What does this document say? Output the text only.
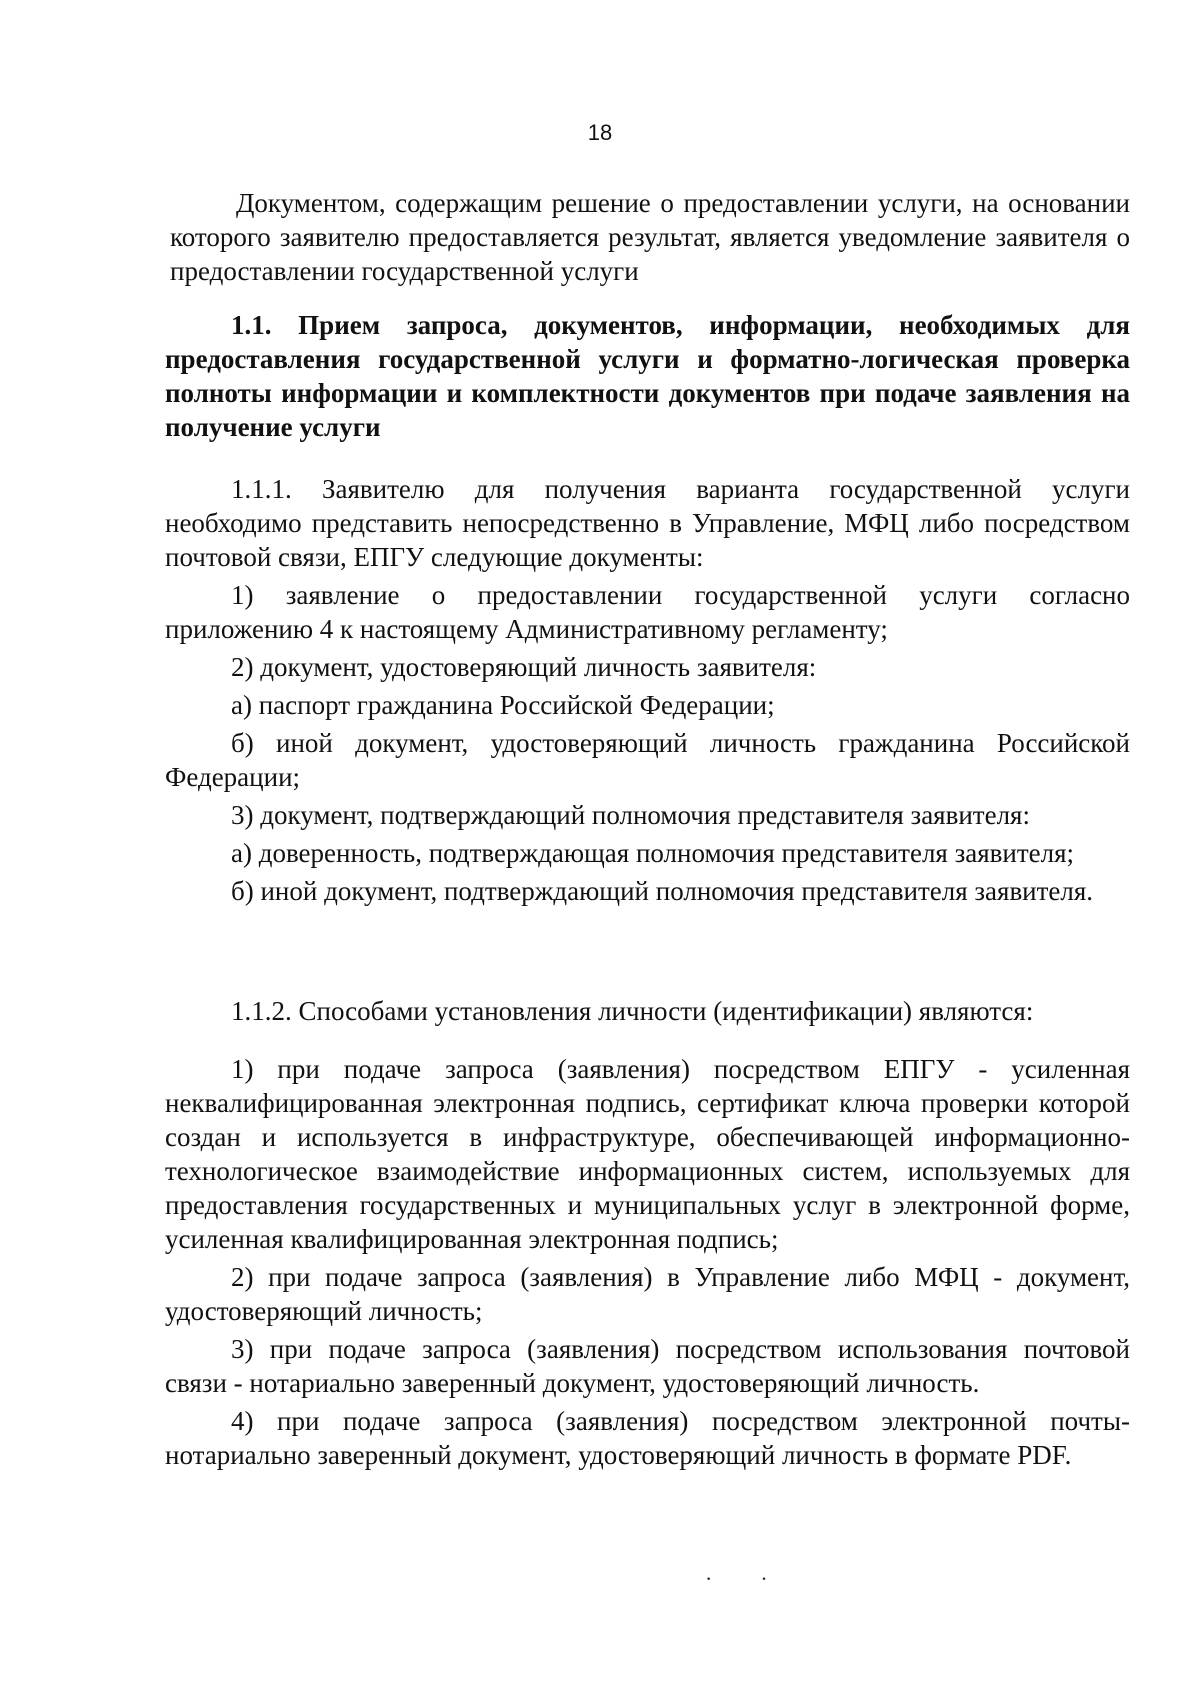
18

Документом, содержащим решение о предоставлении услуги, на основании которого заявителю предоставляется результат, является уведомление заявителя о предоставлении государственной услуги

1.1. Прием запроса, документов, информации, необходимых для предоставления государственной услуги и форматно-логическая проверка полноты информации и комплектности документов при подаче заявления на получение услуги

1.1.1. Заявителю для получения варианта государственной услуги необходимо представить непосредственно в Управление, МФЦ либо посредством почтовой связи, ЕПГУ следующие документы:

1) заявление о предоставлении государственной услуги согласно приложению 4 к настоящему Административному регламенту;

2) документ, удостоверяющий личность заявителя:

а) паспорт гражданина Российской Федерации;

б) иной документ, удостоверяющий личность гражданина Российской Федерации;

3) документ, подтверждающий полномочия представителя заявителя:

а) доверенность, подтверждающая полномочия представителя заявителя;

б) иной документ, подтверждающий полномочия представителя заявителя.

1.1.2. Способами установления личности (идентификации) являются:

1) при подаче запроса (заявления) посредством ЕПГУ - усиленная неквалифицированная электронная подпись, сертификат ключа проверки которой создан и используется в инфраструктуре, обеспечивающей информационно-технологическое взаимодействие информационных систем, используемых для предоставления государственных и муниципальных услуг в электронной форме, усиленная квалифицированная электронная подпись;

2) при подаче запроса (заявления) в Управление либо МФЦ - документ, удостоверяющий личность;

3) при подаче запроса (заявления) посредством использования почтовой связи - нотариально заверенный документ, удостоверяющий личность.

4) при подаче запроса (заявления) посредством электронной почты-нотариально заверенный документ, удостоверяющий личность в формате PDF.

··
